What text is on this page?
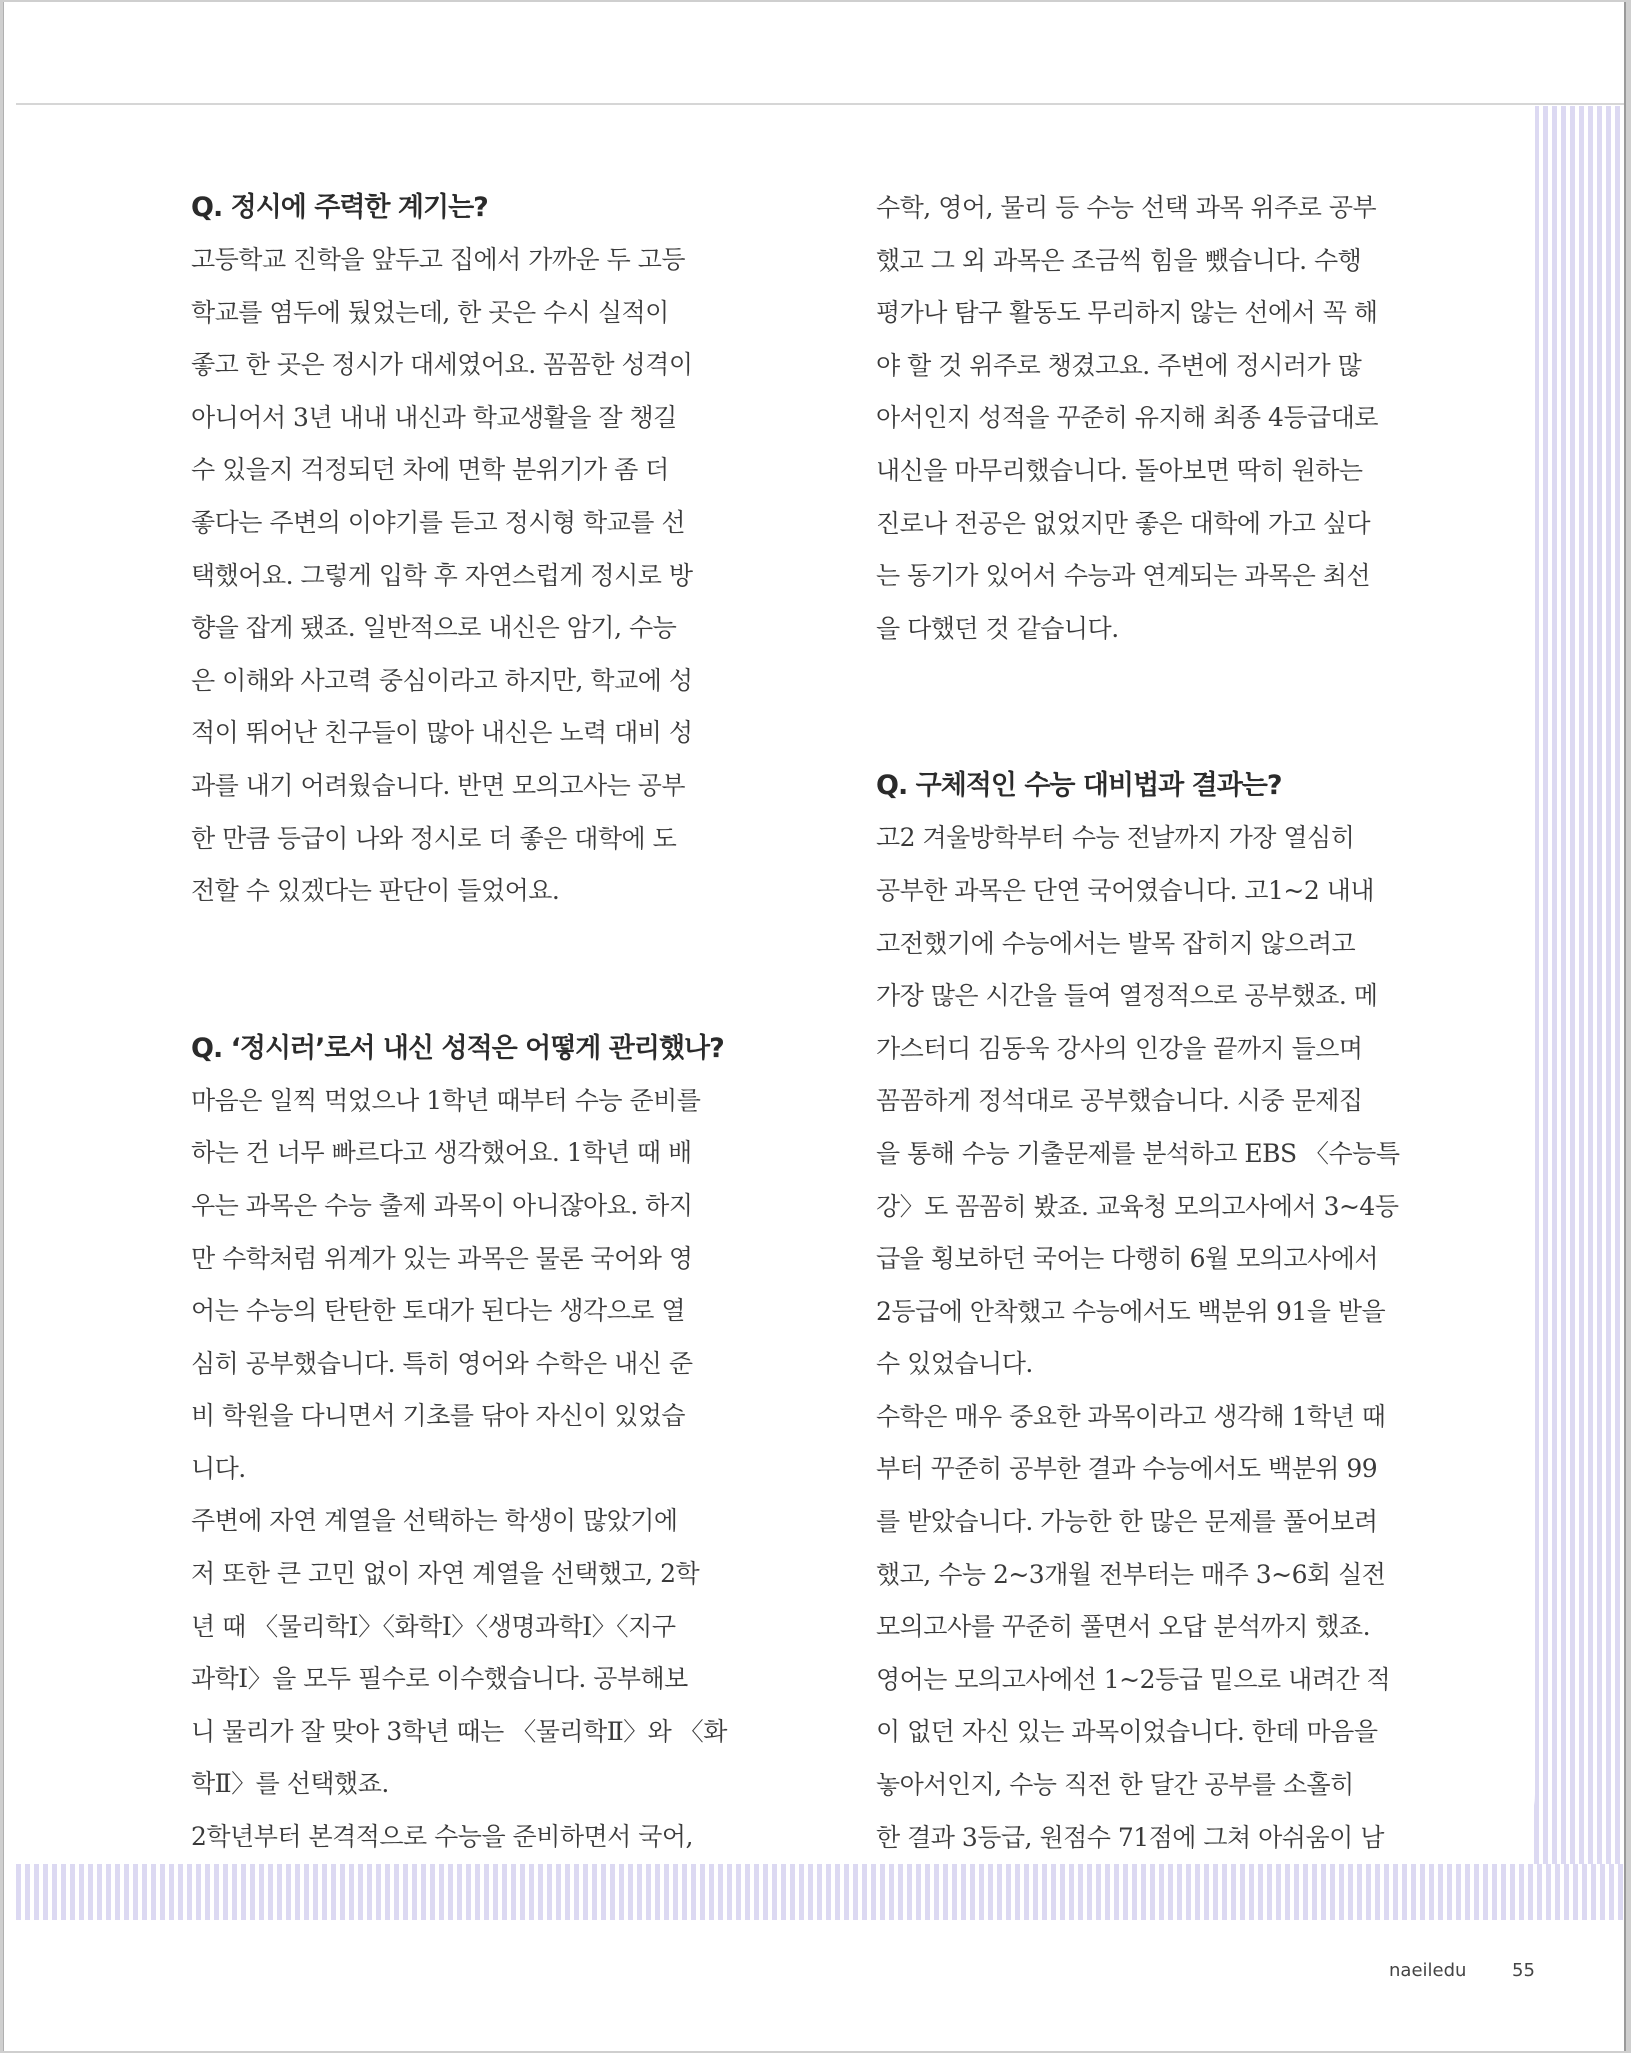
Q. 정시에 주력한 계기는?

고등학교 진학을 앞두고 집에서 가까운 두 고등

학교를 염두에 뒀었는데, 한 곳은 수시 실적이

좋고 한 곳은 정시가 대세였어요. 꼼꼼한 성격이

아니어서 3년 내내 내신과 학교생활을 잘 챙길

수 있을지 걱정되던 차에 면학 분위기가 좀 더

좋다는 주변의 이야기를 듣고 정시형 학교를 선

택했어요. 그렇게 입학 후 자연스럽게 정시로 방

향을 잡게 됐죠. 일반적으로 내신은 암기, 수능

은 이해와 사고력 중심이라고 하지만, 학교에 성

적이 뛰어난 친구들이 많아 내신은 노력 대비 성

과를 내기 어려웠습니다. 반면 모의고사는 공부

한 만큼 등급이 나와 정시로 더 좋은 대학에 도

전할 수 있겠다는 판단이 들었어요.

Q. ‘정시러’로서 내신 성적은 어떻게 관리했나?

마음은 일찍 먹었으나 1학년 때부터 수능 준비를

하는 건 너무 빠르다고 생각했어요. 1학년 때 배

우는 과목은 수능 출제 과목이 아니잖아요. 하지

만 수학처럼 위계가 있는 과목은 물론 국어와 영

어는 수능의 탄탄한 토대가 된다는 생각으로 열

심히 공부했습니다. 특히 영어와 수학은 내신 준

비 학원을 다니면서 기초를 닦아 자신이 있었습

니다.

주변에 자연 계열을 선택하는 학생이 많았기에

저 또한 큰 고민 없이 자연 계열을 선택했고, 2학

년 때 〈물리학Ⅰ〉〈화학Ⅰ〉〈생명과학Ⅰ〉〈지구

과학Ⅰ〉을 모두 필수로 이수했습니다. 공부해보

니 물리가 잘 맞아 3학년 때는 〈물리학Ⅱ〉와 〈화

학Ⅱ〉를 선택했죠.

2학년부터 본격적으로 수능을 준비하면서 국어,

수학, 영어, 물리 등 수능 선택 과목 위주로 공부

했고 그 외 과목은 조금씩 힘을 뺐습니다. 수행

평가나 탐구 활동도 무리하지 않는 선에서 꼭 해

야 할 것 위주로 챙겼고요. 주변에 정시러가 많

아서인지 성적을 꾸준히 유지해 최종 4등급대로

내신을 마무리했습니다. 돌아보면 딱히 원하는

진로나 전공은 없었지만 좋은 대학에 가고 싶다

는 동기가 있어서 수능과 연계되는 과목은 최선

을 다했던 것 같습니다.

Q. 구체적인 수능 대비법과 결과는?

고2 겨울방학부터 수능 전날까지 가장 열심히

공부한 과목은 단연 국어였습니다. 고1~2 내내

고전했기에 수능에서는 발목 잡히지 않으려고

가장 많은 시간을 들여 열정적으로 공부했죠. 메

가스터디 김동욱 강사의 인강을 끝까지 들으며

꼼꼼하게 정석대로 공부했습니다. 시중 문제집

을 통해 수능 기출문제를 분석하고 EBS 〈수능특

강〉도 꼼꼼히 봤죠. 교육청 모의고사에서 3~4등

급을 횡보하던 국어는 다행히 6월 모의고사에서

2등급에 안착했고 수능에서도 백분위 91을 받을

수 있었습니다.

수학은 매우 중요한 과목이라고 생각해 1학년 때

부터 꾸준히 공부한 결과 수능에서도 백분위 99

를 받았습니다. 가능한 한 많은 문제를 풀어보려

했고, 수능 2~3개월 전부터는 매주 3~6회 실전

모의고사를 꾸준히 풀면서 오답 분석까지 했죠.

영어는 모의고사에선 1~2등급 밑으로 내려간 적

이 없던 자신 있는 과목이었습니다. 한데 마음을

놓아서인지, 수능 직전 한 달간 공부를 소홀히

한 결과 3등급, 원점수 71점에 그쳐 아쉬움이 남

naeiledu	55
